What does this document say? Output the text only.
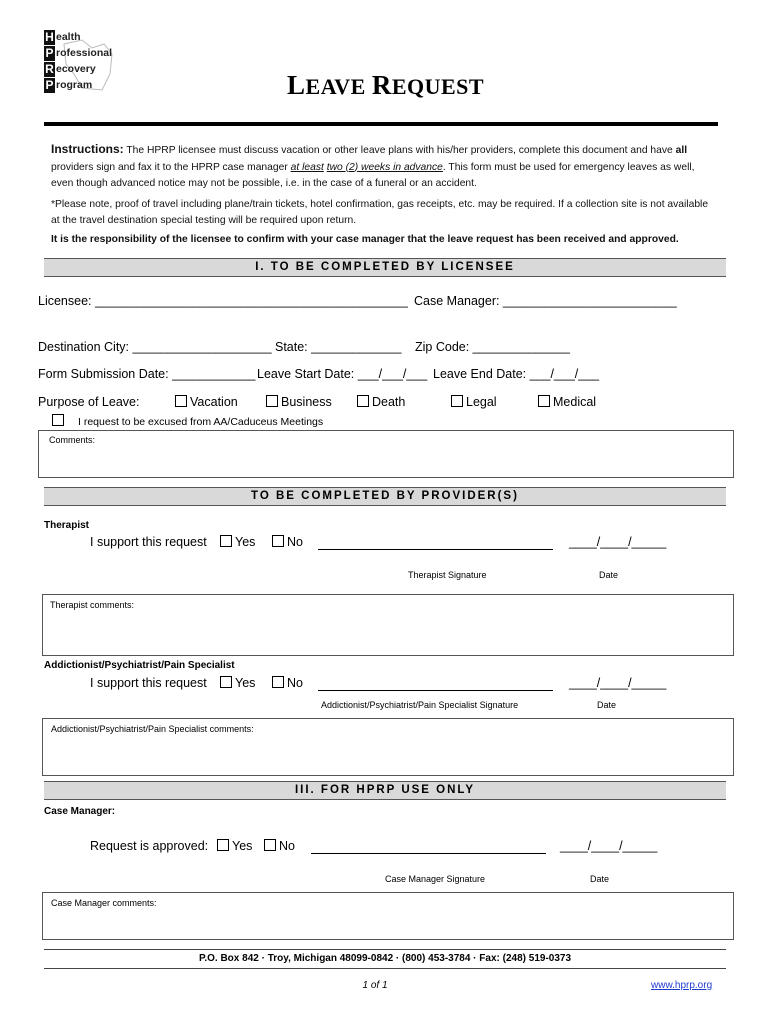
H
P
R
P
ealth
rofessional
ecovery
rogram	LEAVE REQUEST
Instructions: The HPRP licensee must discuss vacation or other leave plans with his/her providers, complete this document and have all providers sign and fax it to the HPRP case manager at least two (2) weeks in advance. This form must be used for emergency leaves as well, even though advanced notice may not be possible, i.e. in the case of a funeral or an accident.
*Please note, proof of travel including plane/train tickets, hotel confirmation, gas receipts, etc. may be required. If a collection site is not available at the travel destination special testing will be required upon return.
It is the responsibility of the licensee to confirm with your case manager that the leave request has been received and approved.
I. TO BE COMPLETED BY LICENSEE
Licensee: _____________________________________________ Case Manager: _________________________
Destination City: ____________________ State: _____________ Zip Code: ______________
Form Submission Date: ____________ Leave Start Date: ___/___/___ Leave End Date: ___/___/___
Purpose of Leave:	Vacation	Business	Death	Legal	Medical
I request to be excused from AA/Caduceus Meetings
Comments:
TO BE COMPLETED BY PROVIDER(S)
Therapist
I support this request	Yes	No	____/____/_____
Therapist Signature	Date
Therapist comments:
Addictionist/Psychiatrist/Pain Specialist
I support this request	Yes	No	____/____/_____
Addictionist/Psychiatrist/Pain Specialist Signature	Date
Addictionist/Psychiatrist/Pain Specialist comments:
III. FOR HPRP USE ONLY
Case Manager:
Request is approved:	Yes	No	____/____/_____
Case Manager Signature	Date
Case Manager comments:
P.O. Box 842 · Troy, Michigan 48099-0842 · (800) 453-3784 · Fax: (248) 519-0373
1 of 1	www.hprp.org
